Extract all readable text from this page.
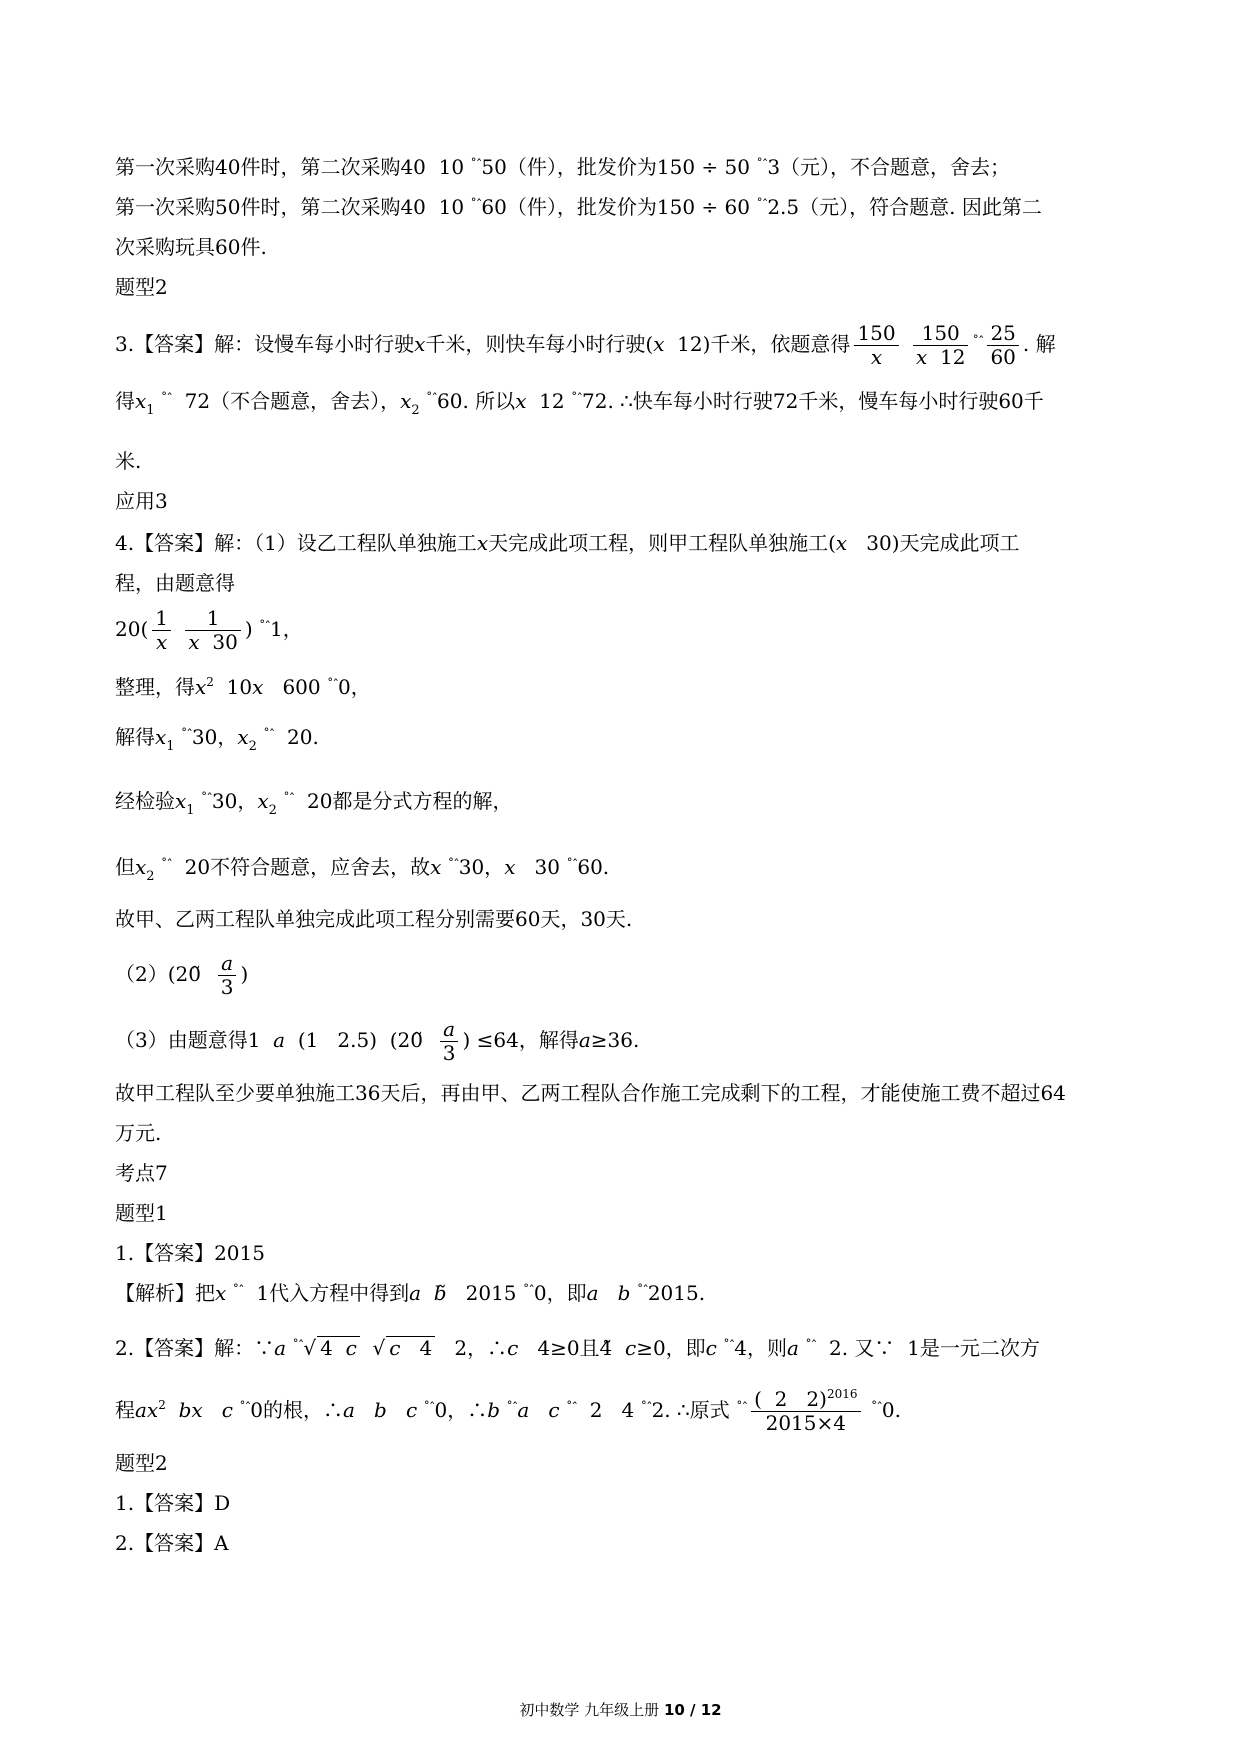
第一次采购40件时，第二次采购40  10 $^{˚ˆ}$50（件），批发价为150 ÷ 50 $^{˚ˆ}$3（元），不合题意，舍去；
第一次采购50件时，第二次采购40  10 $^{˚ˆ}$60（件），批发价为150 ÷ 60 $^{˚ˆ}$2.5（元），符合题意. 因此第二
次采购玩具60件.
题型2
3.【答案】解：设慢车每小时行驶x千米，则快车每小时行驶(x  12)千米，依题意得 $\frac{150}{x}$
$\frac{150}{x 12} ^{˚ˆ} \frac{25}{60}$ . 解
得$x_1$ $^{˚ˆ}$  72（不合题意，舍去），$x_2$ $^{˚ˆ}$60. 所以x  12 $^{˚ˆ}$72. ∴快车每小时行驶72千米，慢车每小时行驶60千
米.
应用3
4.【答案】解：（1）设乙工程队单独施工x天完成此项工程，则甲工程队单独施工(x   30)天完成此项工
程，由题意得
$20( \frac{1}{x}$
$\frac{1}{x 30}$ ) $^{˚ˆ}$1，
整理，得$x^2$  10x   600 $^{˚ˆ}$0，
解得$x_1$ $^{˚ˆ}$30，$x_2$ $^{˚ˆ}$  20.
经检验$x_1$ $^{˚ˆ}$30，$x_2$ $^{˚ˆ}$  20都是分式方程的解，
但$x_2$ $^{˚ˆ}$  20不符合题意，应舍去，故x $^{˚ˆ}$30，x   30 $^{˚ˆ}$60.
故甲、乙两工程队单独完成此项工程分别需要60天，30天.
（2）(20̃ $\frac{a}{3}$ )
（3）由题意得1  a  (1   2.5)  (20̃ $\frac{a}{3}$ ) ≤64，解得a≥36.
故甲工程队至少要单独施工36天后，再由甲、乙两工程队合作施工完成剩下的工程，才能使施工费不超过64
万元.
考点7
题型1
1.【答案】2015
【解析】把x $^{˚ˆ}$  1代入方程中得到a b̃   2015 $^{˚ˆ}$0，即a b $^{˚ˆ}$2015.
2.【答案】解：∵a $^{˚ˆ}$√ 4  c  √ c   4   2，∴c   4≥0且4̃  c≥0，即c $^{˚ˆ}$4，则a $^{˚ˆ}$  2. 又∵  1是一元二次方
程$ax^2$ bx c $^{˚ˆ}$0的根，∴a b c $^{˚ˆ}$0，∴b $^{˚ˆ}$a c $^{˚ˆ}$  2   4 $^{˚ˆ}$2. ∴原式 $^{˚ˆ} \frac{( 2 2)^{2016}}{2015\times 4} ^{˚ˆ}0$.
题型2
1.【答案】D
2.【答案】A
初中数学 九年级上册 10 / 12
